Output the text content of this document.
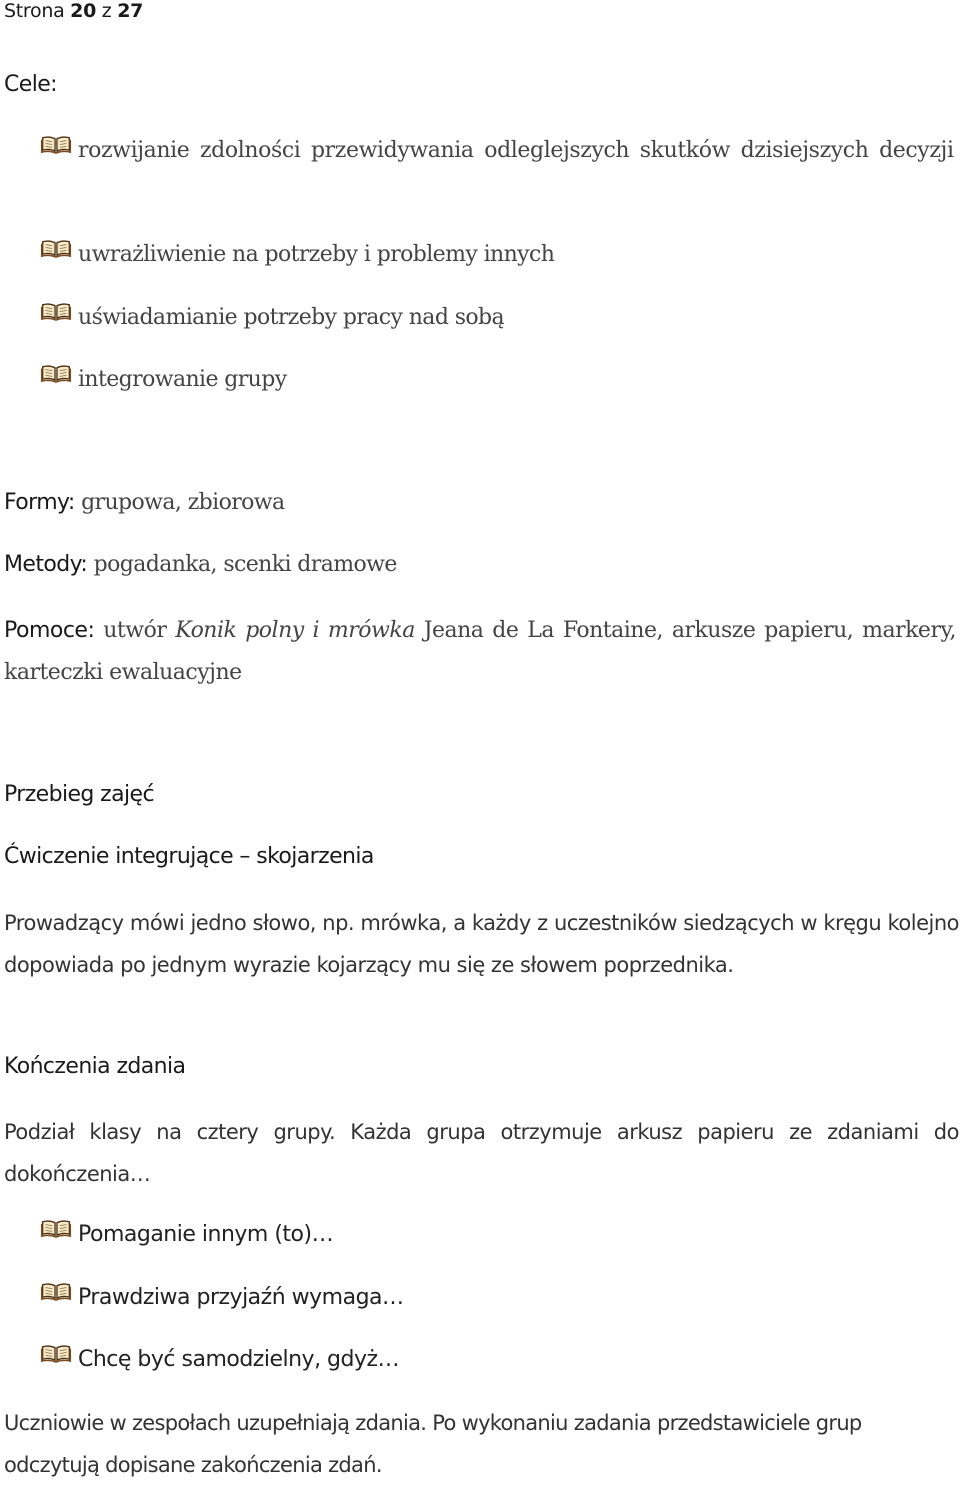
Strona 20 z 27
Cele:
rozwijanie zdolności przewidywania odleglejszych skutków dzisiejszych decyzji
uwrażliwienie na potrzeby i problemy innych
uświadamianie potrzeby pracy nad sobą
integrowanie grupy
Formy: grupowa, zbiorowa
Metody: pogadanka, scenki dramowe
Pomoce: utwór Konik polny i mrówka Jeana de La Fontaine, arkusze papieru, markery, karteczki ewaluacyjne
Przebieg zajęć
Ćwiczenie integrujące – skojarzenia
Prowadzący mówi jedno słowo, np. mrówka, a każdy z uczestników siedzących w kręgu kolejno dopowiada po jednym wyrazie kojarzący mu się ze słowem poprzednika.
Kończenia zdania
Podział klasy na cztery grupy. Każda grupa otrzymuje arkusz papieru ze zdaniami do dokończenia…
Pomaganie innym (to)…
Prawdziwa przyjaźń wymaga…
Chcę być samodzielny, gdyż…
Uczniowie w zespołach uzupełniają zdania. Po wykonaniu zadania przedstawiciele grup odczytują dopisane zakończenia zdań.
